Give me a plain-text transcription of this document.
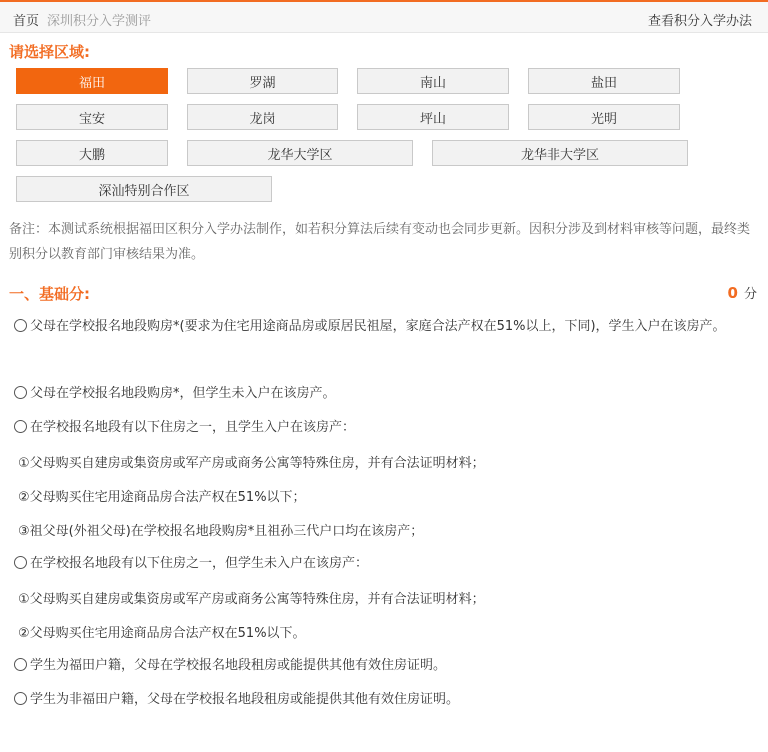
首页 深圳积分入学测评	查看积分入学办法
请选择区域:
福田	罗湖	南山	盐田
宝安	龙岗	坪山	光明
大鹏	龙华大学区	龙华非大学区
深汕特别合作区
备注：本测试系统根据福田区积分入学办法制作，如若积分算法后续有变动也会同步更新。因积分涉及到材料审核等问题，最终类别积分以教育部门审核结果为准。
一、基础分:	0 分
父母在学校报名地段购房*(要求为住宅用途商品房或原居民祖屋，家庭合法产权在51%以上，下同)，学生入户在该房产。
父母在学校报名地段购房*，但学生未入户在该房产。
在学校报名地段有以下住房之一，且学生入户在该房产：
①父母购买自建房或集资房或军产房或商务公寓等特殊住房，并有合法证明材料；
②父母购买住宅用途商品房合法产权在51%以下；
③祖父母(外祖父母)在学校报名地段购房*且祖孙三代户口均在该房产；
在学校报名地段有以下住房之一，但学生未入户在该房产：
①父母购买自建房或集资房或军产房或商务公寓等特殊住房，并有合法证明材料；
②父母购买住宅用途商品房合法产权在51%以下。
学生为福田户籍，父母在学校报名地段租房或能提供其他有效住房证明。
学生为非福田户籍，父母在学校报名地段租房或能提供其他有效住房证明。
